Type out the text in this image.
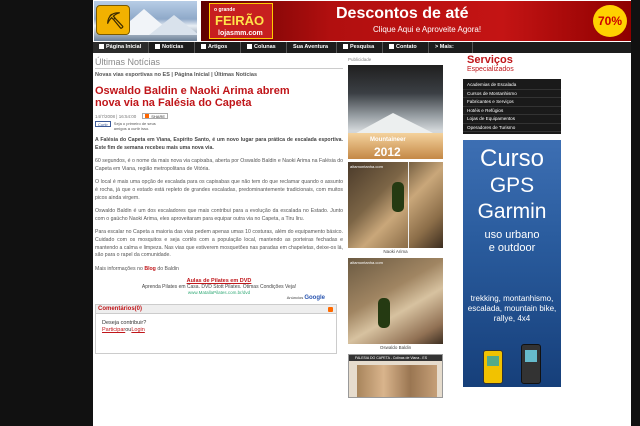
⛏
o grande
FEIRÃO
lojasmm.com
Descontos de até
Clique Aqui e Aproveite Agora!
70%
Página Inicial	Notícias	Artigos	Colunas	Sua Aventura	Pesquisa	Contato	> Mais:
Últimas Notícias
Novas vias esportivas no ES | Página Inicial | Últimas Notícias
Oswaldo Baldin e Naoki Arima abrem nova via na Falésia do Capeta
14/7/2008 | 16:54:00	SHARE
Curtir	Seja o primeiro de seus amigos a curtir isso.
A Falésia do Capeta em Viana, Espírito Santo, é um novo lugar para prática de escalada esportiva. Este fim de semana recebeu mais uma nova via.
60 segundos, é o nome da mais nova via capixaba, aberta por Oswaldo Baldin e Naoki Arima na Falésia do Capeta em Viana, região metropolitana de Vitória.
O local é mais uma opção de escalada para os capixabas que não tem do que reclamar quando o assunto é rocha, já que o estado está repleto de grandes escaladas, predominantemente tradicionais, com muitos picos ainda virgem.
Oswaldo Baldin é um dos escaladores que mais contribui para a evolução da escalada no Estado. Junto com o gaúcho Naoki Arima, eles aproveitaram para equipar outra via no Capeta, a Tiru liru.
Para escalar no Capeta a maioria das vias pedem apenas umas 10 costuras, além do equipamento básico. Cuidado com os mosquitos e seja cortês com a população local, mantendo as porteiras fechadas e mantendo a calma e limpeza. Nas vias que estiverem mosquetões nas paradas em chapeletas, deixe-os lá, são para o rapel da comunidade.
Mais informações no Blog do Baldin
Aulas de Pilates em DVD
Aprenda Pilates em Casa. DVD Stott Pilates. Ótimas Condições Veja!
www.MatallaPilates.com.br/dvd
Anúncios Google
Comentários(0)
Deseja contribuir?
ParticiparouLogin
Publicidade
Mountaineer
2012
altamontanha.com
Naoki Arima
altamontanha.com
Oswaldo Baldin
FALESIA DO CAPETA - Colinas de Viana - ES
Serviços
Especializados
Academias de Escalada
Cursos de Montanhismo
Fabricantes e Serviços
Hotéis e Refúgios
Lojas de Equipamentos
Operadores de Turismo
Curso
GPS
Garmin
uso urbano
e outdoor
trekking, montanhismo, escalada, mountain bike, rallye, 4x4
